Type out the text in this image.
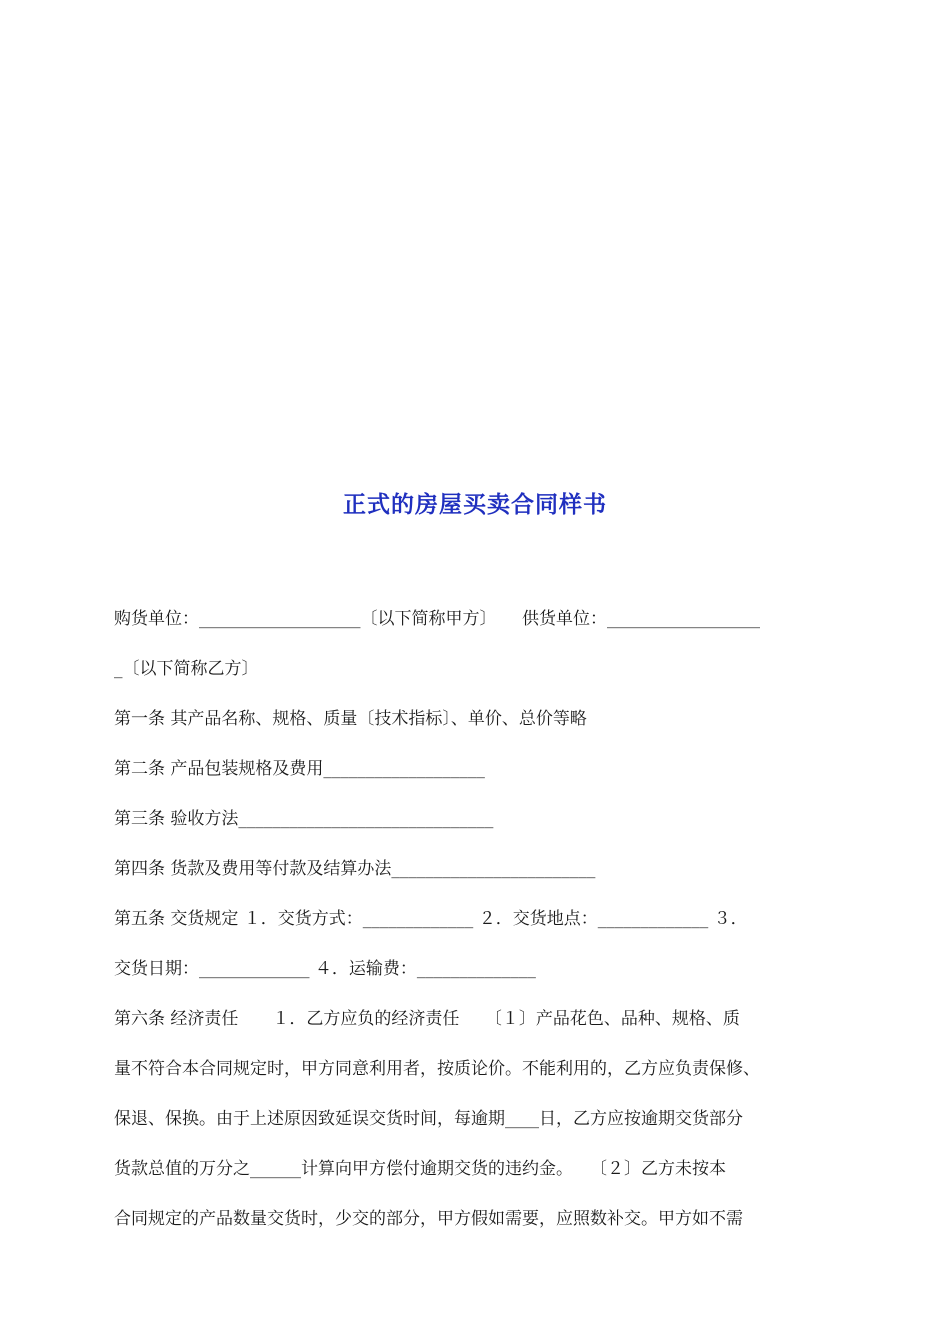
正式的房屋买卖合同样书
购货单位：___________________〔以下简称甲方〕　　供货单位：__________________
_〔以下简称乙方〕
第一条 其产品名称、规格、质量〔技术指标〕、单价、总价等略
第二条 产品包装规格及费用___________________
第三条 验收方法______________________________
第四条 货款及费用等付款及结算办法________________________
第五条 交货规定 １．交货方式：_____________ ２．交货地点：_____________ ３．
交货日期：_____________ ４．运输费：______________
第六条 经济责任　　１．乙方应负的经济责任　　〔１〕产品花色、品种、规格、质
量不符合本合同规定时，甲方同意利用者，按质论价。不能利用的，乙方应负责保修、
保退、保换。由于上述原因致延误交货时间，每逾期____日，乙方应按逾期交货部分
货款总值的万分之______计算向甲方偿付逾期交货的违约金。　　〔２〕乙方未按本
合同规定的产品数量交货时，少交的部分，甲方假如需要，应照数补交。甲方如不需
